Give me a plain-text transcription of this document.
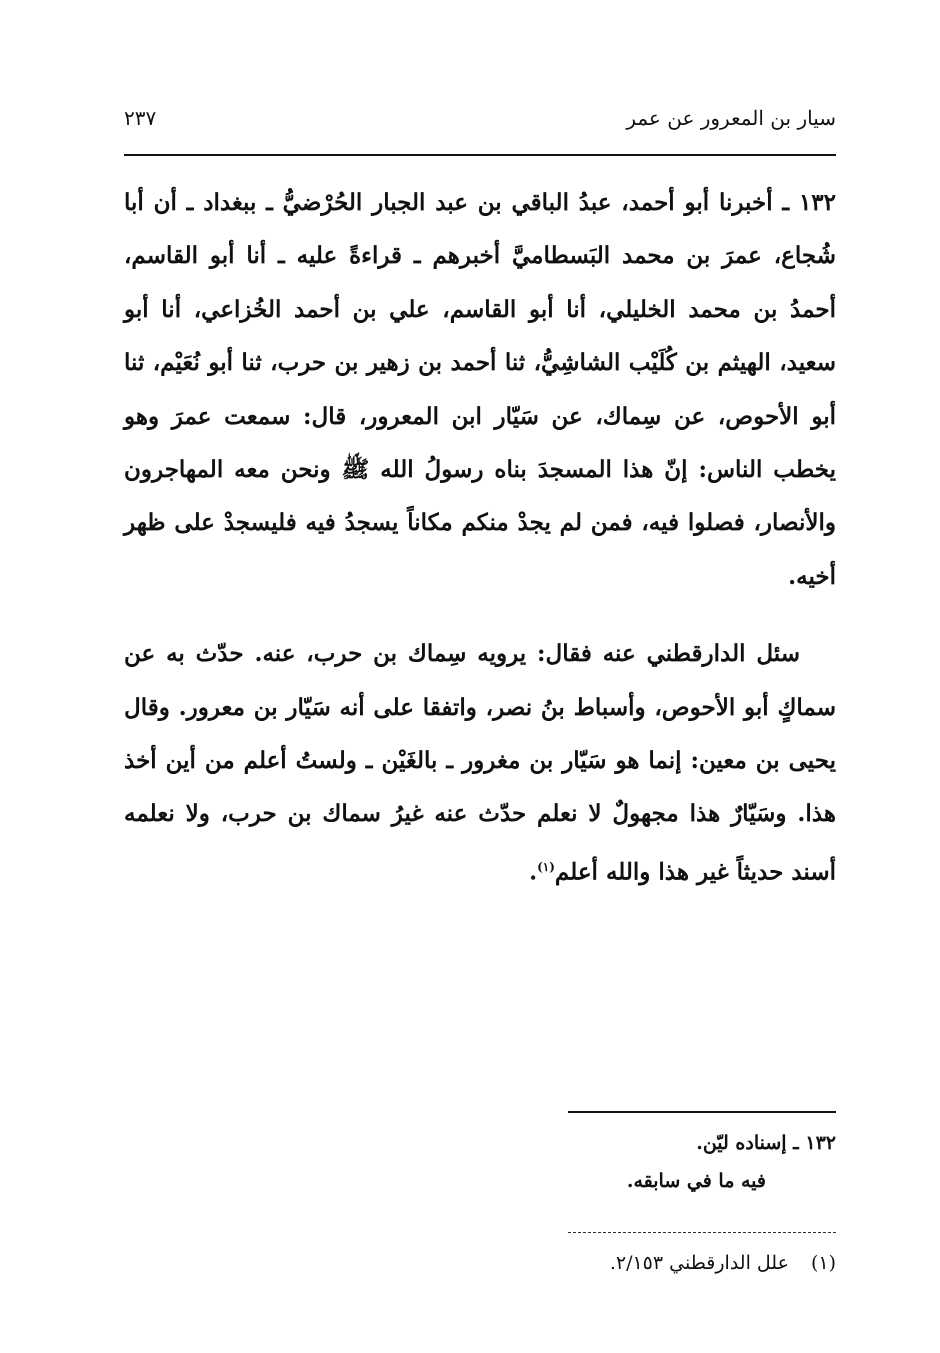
٢٣٧	سيار بن المعرور عن عمر

١٣٢ ـ أخبرنا أبو أحمد، عبدُ الباقي بن عبد الجبار الحُرْضيُّ ـ ببغداد ـ أن أبا شُجاع، عمرَ بن محمد البَسطاميَّ أخبرهم ـ قراءةً عليه ـ أنا أبو القاسم، أحمدُ بن محمد الخليلي، أنا أبو القاسم، علي بن أحمد الخُزاعي، أنا أبو سعيد، الهيثم بن كُلَيْب الشاشِيُّ، ثنا أحمد بن زهير بن حرب، ثنا أبو نُعَيْم، ثنا أبو الأحوص، عن سِماك، عن سَيّار ابن المعرور، قال: سمعت عمرَ وهو يخطب الناس: إنّ هذا المسجدَ بناه رسولُ الله ﷺ ونحن معه المهاجرون والأنصار، فصلوا فيه، فمن لم يجدْ منكم مكاناً يسجدُ فيه فليسجدْ على ظهر أخيه.

سئل الدارقطني عنه فقال: يرويه سِماك بن حرب، عنه. حدّث به عن سماكٍ أبو الأحوص، وأسباط بنُ نصر، واتفقا على أنه سَيّار بن معرور. وقال يحيى بن معين: إنما هو سَيّار بن مغرور ـ بالغَيْن ـ ولستُ أعلم من أين أخذ هذا. وسَيّارٌ هذا مجهولٌ لا نعلم حدّث عنه غيرُ سماك بن حرب، ولا نعلمه أسند حديثاً غير هذا والله أعلم$^{(١)}$.

١٣٢ ـ إسناده ليّن.
فيه ما في سابقه.
(١)علل الدارقطني ٢/١٥٣.
